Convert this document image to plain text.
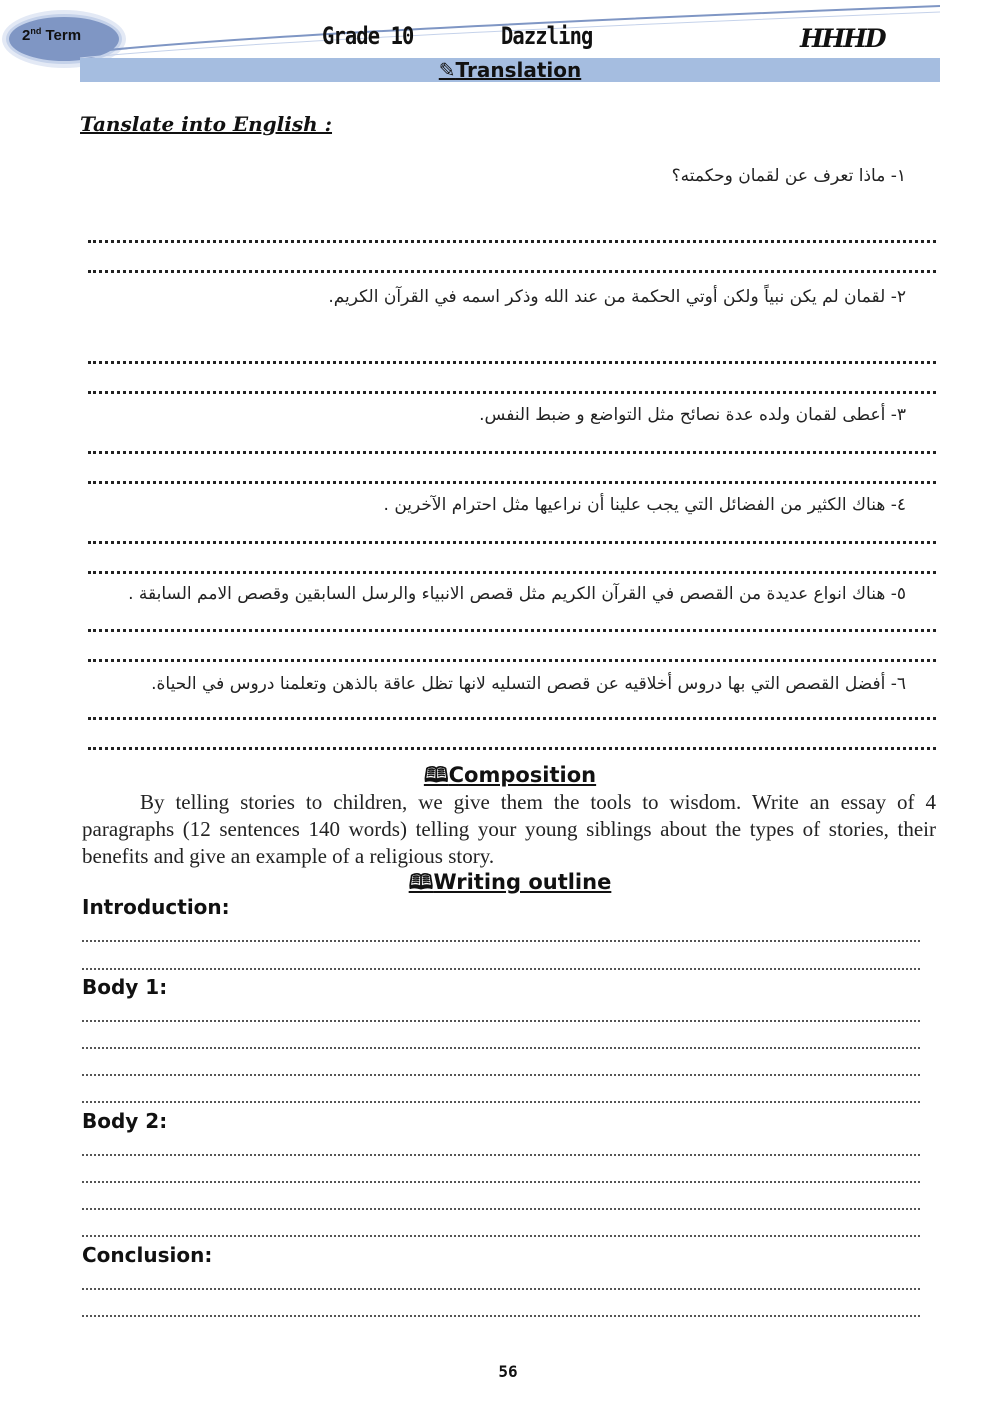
2nd Term	Grade 10	Dazzling	HHHD
✎Translation
Tanslate into English :
١- ماذا تعرف عن لقمان وحكمته؟
٢- لقمان لم يكن نبياً ولكن أوتي الحكمة من عند الله وذكر اسمه في القرآن الكريم.
٣- أعطى لقمان ولده عدة نصائح مثل التواضع و ضبط النفس.
٤- هناك الكثير من الفضائل التي يجب علينا أن نراعيها مثل احترام الآخرين .
٥- هناك انواع عديدة من القصص في القرآن الكريم مثل قصص الانبياء والرسل السابقين وقصص الامم السابقة .
٦- أفضل القصص التي بها دروس أخلاقيه عن قصص التسليه لانها تظل عاقة بالذهن وتعلمنا دروس في الحياة.
🕮Composition

By telling stories to children, we give them the tools to wisdom. Write an essay of 4 paragraphs (12 sentences 140 words) telling your young siblings about the types of stories, their benefits and give an example of a religious story.

🕮Writing outline
Introduction:
Body 1:
Body 2:
Conclusion:
56
